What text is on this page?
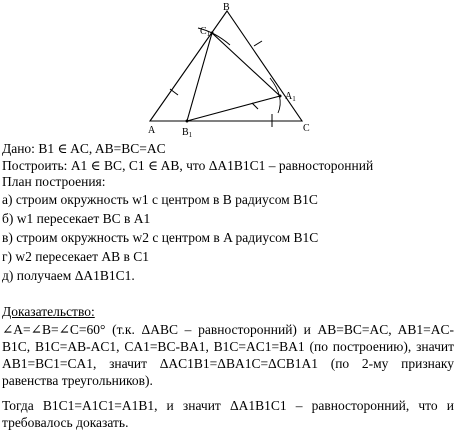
B
$C_1$
$A_1$
A	$B_1$
C
Дано: B1 ∈ AC, AB=BC=AC
Построить: A1 ∈ BC, C1 ∈ AB, что ΔA1B1C1 – равносторонний
План построения:
а) строим окружность w1 с центром в B радиусом B1C
б) w1 пересекает BC в A1
в) строим окружность w2 с центром в A радиусом B1C
г) w2 пересекает AB в C1
д) получаем ΔA1B1C1.
Доказательство:
∠A=∠B=∠C=60° (т.к. ΔABC – равносторонний) и AB=BC=AC, AB1=AC-B1C, B1C=AB-AC1, CA1=BC-BA1, B1C=AC1=BA1 (по построению), значит AB1=BC1=CA1, значит ΔAC1B1=ΔBA1C=ΔCB1A1 (по 2-му признаку равенства треугольников).
Тогда B1C1=A1C1=A1B1, и значит ΔA1B1C1 – равносторонний, что и требовалось доказать.
